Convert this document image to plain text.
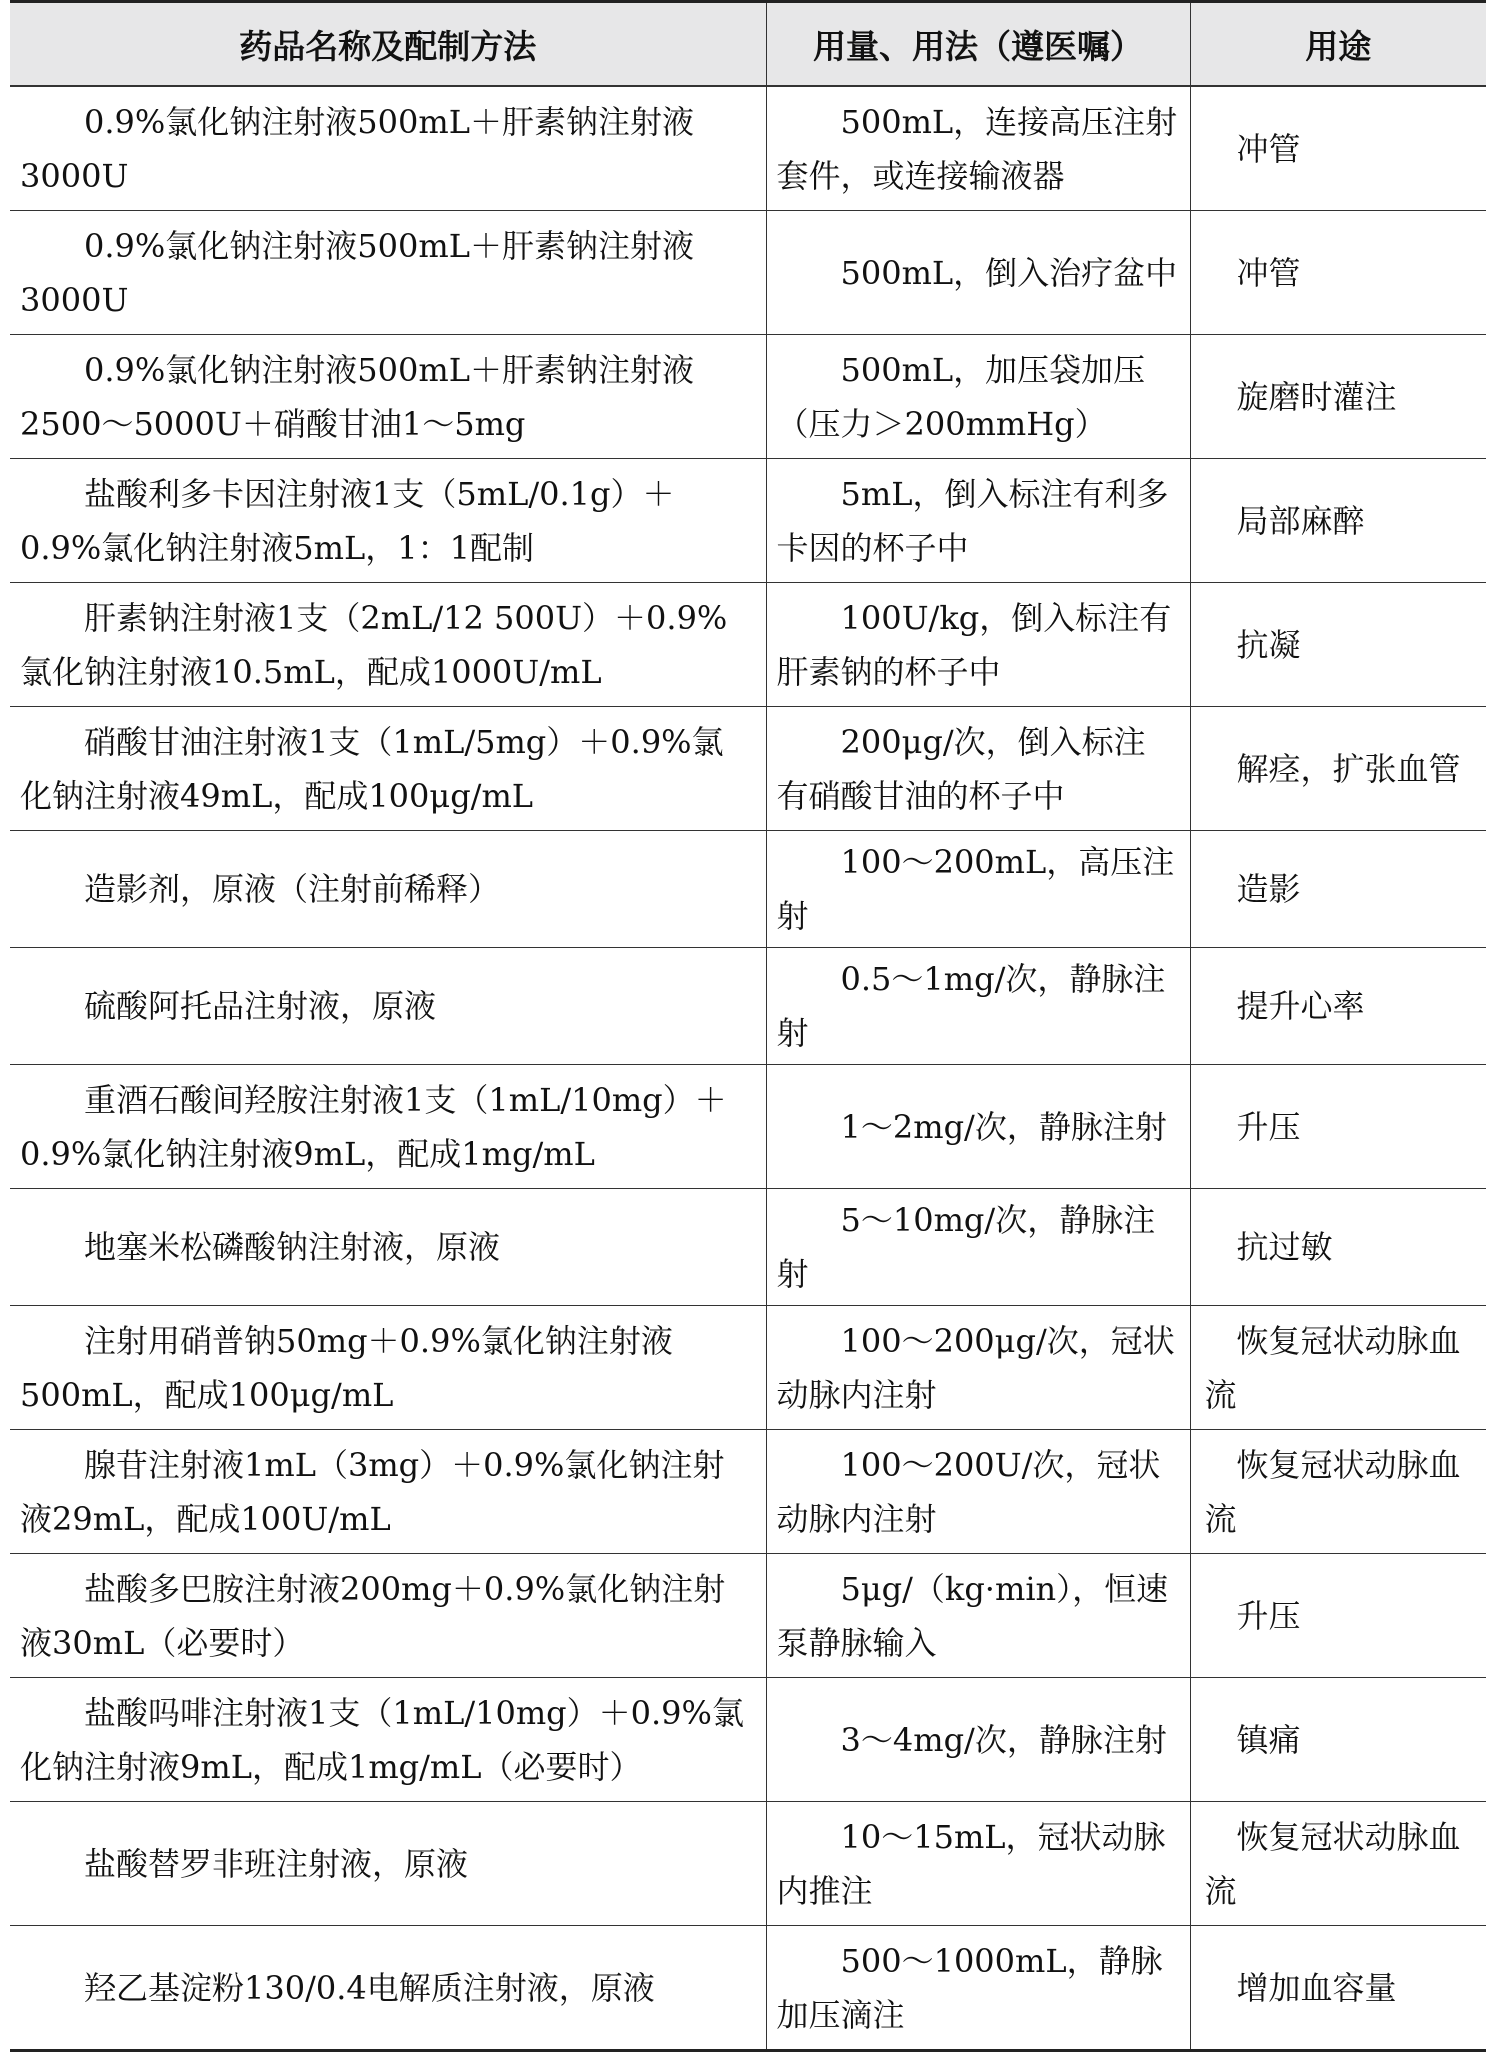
药品名称及配制方法	用量、用法（遵医嘱）	用途

0.9%氯化钠注射液500mL＋肝素钠注射液3000U	500mL，连接高压注射套件，或连接输液器	冲管

0.9%氯化钠注射液500mL＋肝素钠注射液3000U	500mL，倒入治疗盆中	冲管

0.9%氯化钠注射液500mL＋肝素钠注射液2500～5000U＋硝酸甘油1～5mg	500mL，加压袋加压（压力＞200mmHg）	旋磨时灌注

盐酸利多卡因注射液1支（5mL/0.1g）＋0.9%氯化钠注射液5mL，1：1配制	5mL，倒入标注有利多卡因的杯子中	局部麻醉

肝素钠注射液1支（2mL/12 500U）＋0.9%氯化钠注射液10.5mL，配成1000U/mL	100U/kg，倒入标注有肝素钠的杯子中	抗凝

硝酸甘油注射液1支（1mL/5mg）＋0.9%氯化钠注射液49mL，配成100μg/mL	200μg/次，倒入标注有硝酸甘油的杯子中	解痉，扩张血管

造影剂，原液（注射前稀释）	100～200mL，高压注射	造影

硫酸阿托品注射液，原液	0.5～1mg/次，静脉注射	提升心率

重酒石酸间羟胺注射液1支（1mL/10mg）＋0.9%氯化钠注射液9mL，配成1mg/mL	1～2mg/次，静脉注射	升压

地塞米松磷酸钠注射液，原液	5～10mg/次，静脉注射	抗过敏

注射用硝普钠50mg＋0.9%氯化钠注射液500mL，配成100μg/mL	100～200μg/次，冠状动脉内注射	恢复冠状动脉血流

腺苷注射液1mL（3mg）＋0.9%氯化钠注射液29mL，配成100U/mL	100～200U/次，冠状动脉内注射	恢复冠状动脉血流

盐酸多巴胺注射液200mg＋0.9%氯化钠注射液30mL（必要时）	5μg/（kg·min），恒速泵静脉输入	升压

盐酸吗啡注射液1支（1mL/10mg）＋0.9%氯化钠注射液9mL，配成1mg/mL（必要时）	3～4mg/次，静脉注射	镇痛

盐酸替罗非班注射液，原液	10～15mL，冠状动脉内推注	恢复冠状动脉血流

羟乙基淀粉130/0.4电解质注射液，原液	500～1000mL，静脉加压滴注	增加血容量
